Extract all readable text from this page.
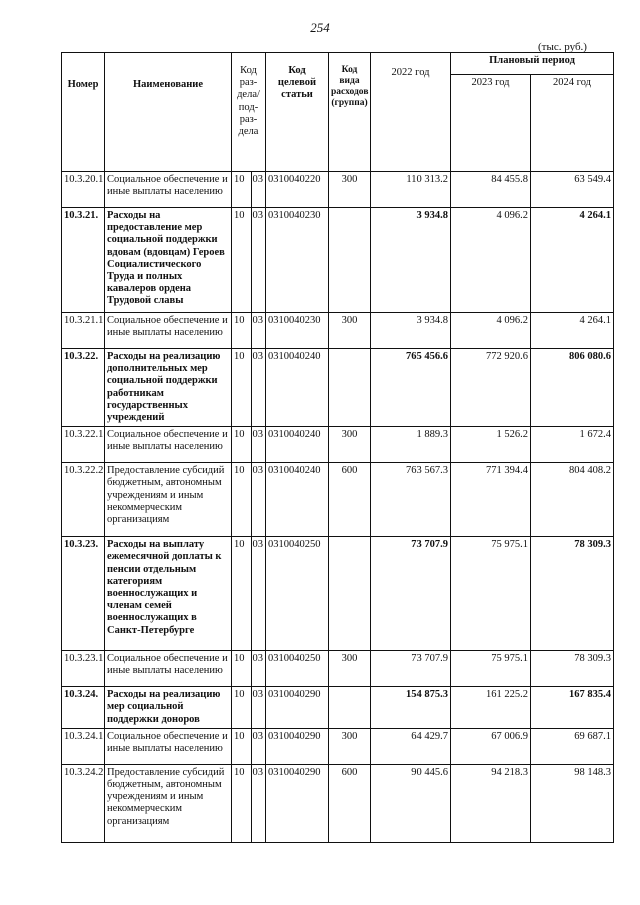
254
(тыс. руб.)
Номер	Наименование	Код раз-дела/ под-раз-дела		Код целевой статьи	Код вида расходов (группа)	2022 год	Плановый период	
							2023 год	2024 год
10.3.20.1	Социальное обеспечение и иные выплаты населению	10	03	0310040220	300	110 313.2	84 455.8	63 549.4
10.3.21.	Расходы на предоставление мер социальной поддержки вдовам (вдовцам) Героев Социалистического Труда и полных кавалеров ордена Трудовой славы	10	03	0310040230		3 934.8	4 096.2	4 264.1
10.3.21.1	Социальное обеспечение и иные выплаты населению	10	03	0310040230	300	3 934.8	4 096.2	4 264.1
10.3.22.	Расходы на реализацию дополнительных мер социальной поддержки работникам государственных учреждений	10	03	0310040240		765 456.6	772 920.6	806 080.6
10.3.22.1	Социальное обеспечение и иные выплаты населению	10	03	0310040240	300	1 889.3	1 526.2	1 672.4
10.3.22.2	Предоставление субсидий бюджетным, автономным учреждениям и иным некоммерческим организациям	10	03	0310040240	600	763 567.3	771 394.4	804 408.2
10.3.23.	Расходы на выплату ежемесячной доплаты к пенсии отдельным категориям военнослужащих и членам семей военнослужащих в Санкт-Петербурге	10	03	0310040250		73 707.9	75 975.1	78 309.3
10.3.23.1	Социальное обеспечение и иные выплаты населению	10	03	0310040250	300	73 707.9	75 975.1	78 309.3
10.3.24.	Расходы на реализацию мер социальной поддержки доноров	10	03	0310040290		154 875.3	161 225.2	167 835.4
10.3.24.1	Социальное обеспечение и иные выплаты населению	10	03	0310040290	300	64 429.7	67 006.9	69 687.1
10.3.24.2	Предоставление субсидий бюджетным, автономным учреждениям и иным некоммерческим организациям	10	03	0310040290	600	90 445.6	94 218.3	98 148.3
